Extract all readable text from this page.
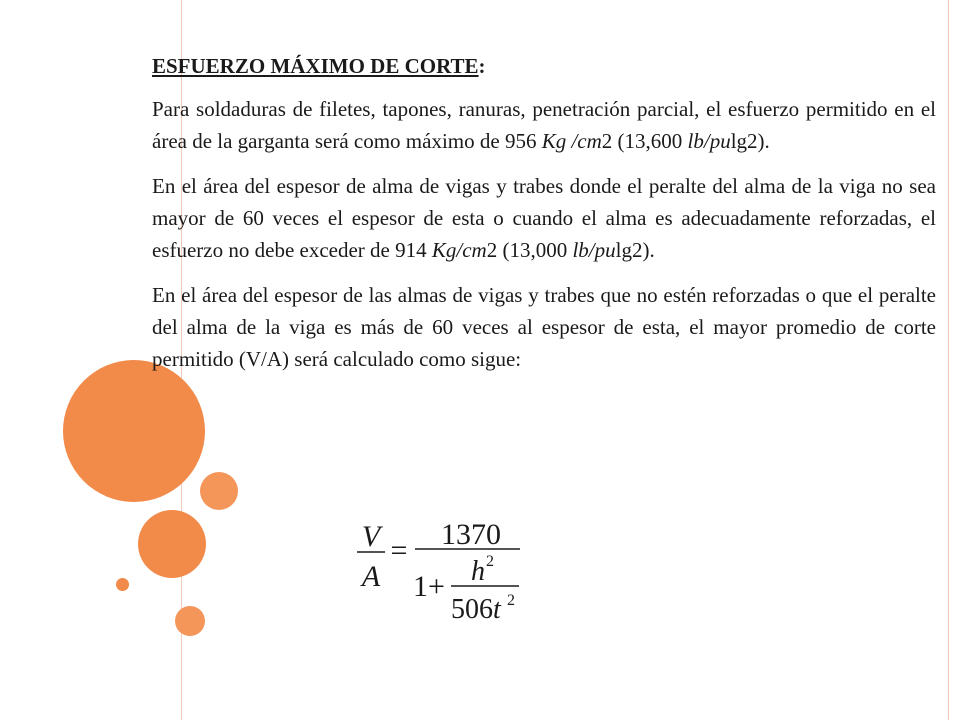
ESFUERZO MÁXIMO DE CORTE:

Para soldaduras de filetes, tapones, ranuras, penetración parcial, el esfuerzo permitido en el área de la garganta será como máximo de 956 Kg /cm2 (13,600 lb/pulg2).

En el área del espesor de alma de vigas y trabes donde el peralte del alma de la viga no sea mayor de 60 veces el espesor de esta o cuando el alma es adecuadamente reforzadas, el esfuerzo no debe exceder de 914 Kg/cm2 (13,000 lb/pulg2).

En el área del espesor de las almas de vigas y trabes que no estén reforzadas o que el peralte del alma de la viga es más de 60 veces al espesor de esta, el mayor promedio de corte permitido (V/A) será calculado como sigue:

V
A
= 1370
1+ h 2
506t 2
